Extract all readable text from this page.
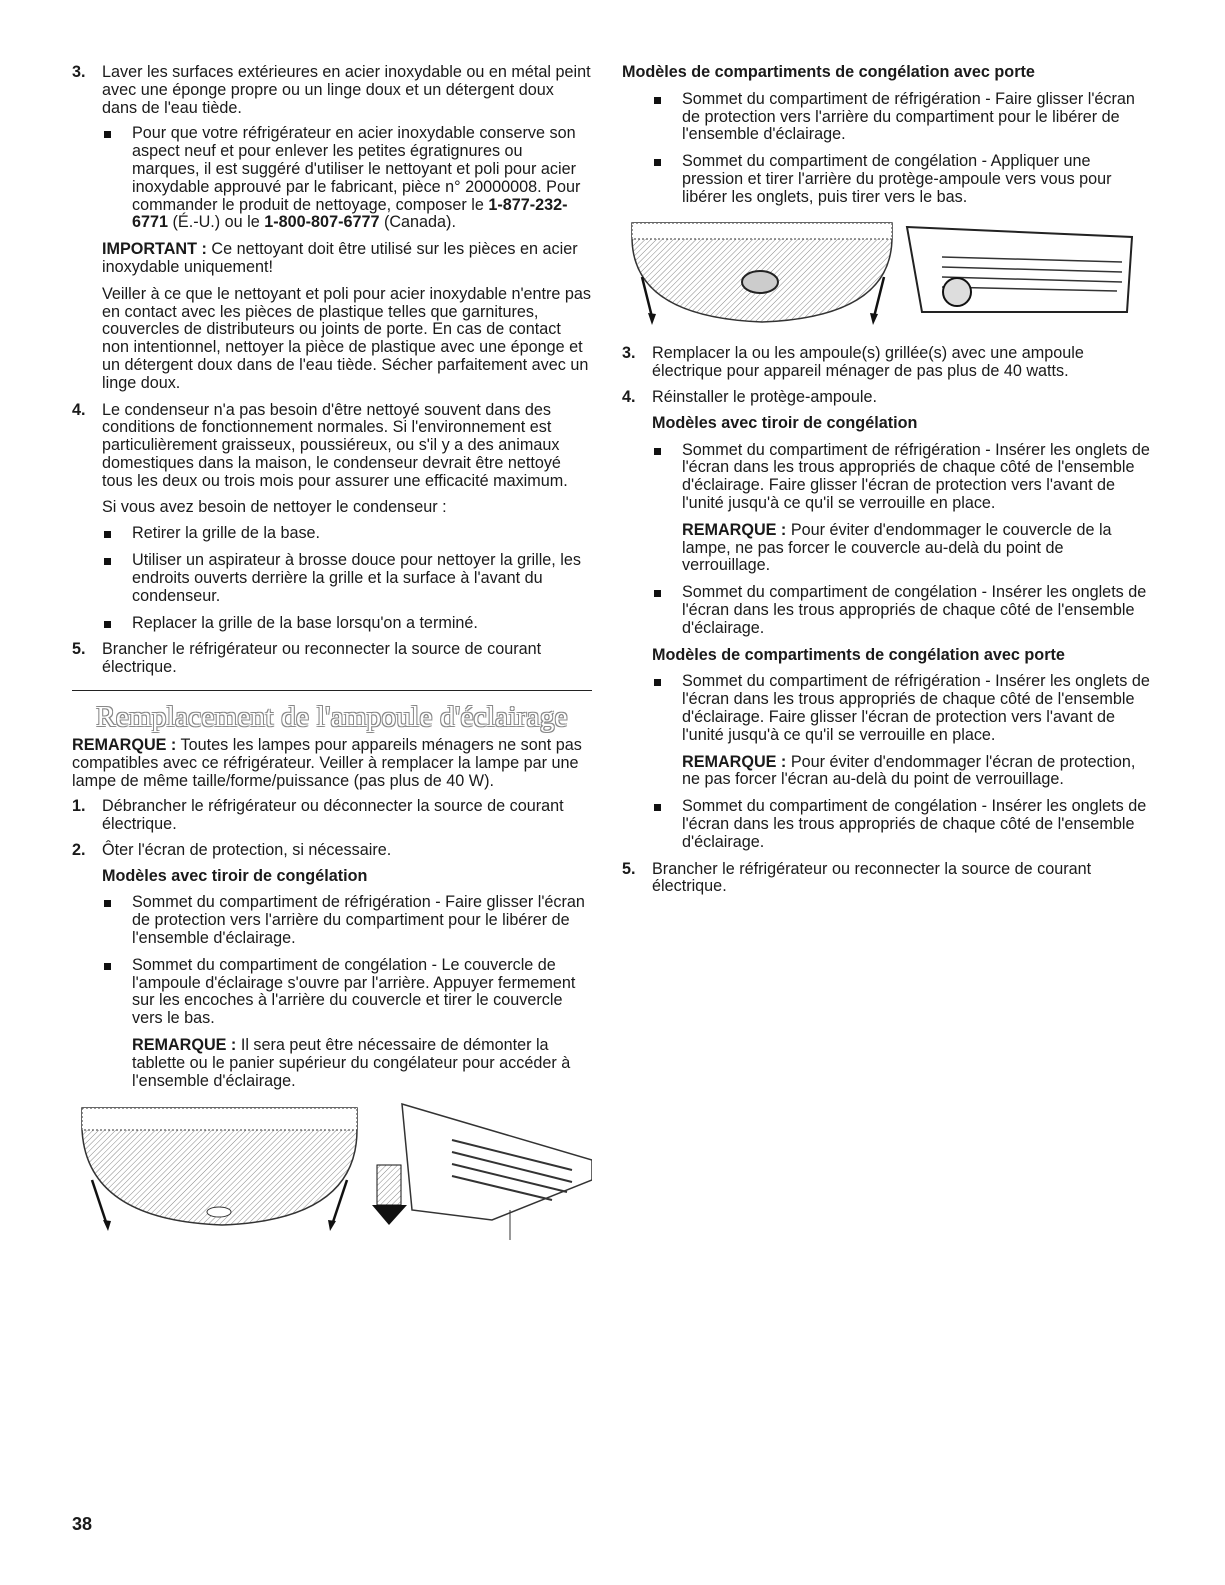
3. Laver les surfaces extérieures en acier inoxydable ou en métal peint avec une éponge propre ou un linge doux et un détergent doux dans de l'eau tiède.

Pour que votre réfrigérateur en acier inoxydable conserve son aspect neuf et pour enlever les petites égratignures ou marques, il est suggéré d'utiliser le nettoyant et poli pour acier inoxydable approuvé par le fabricant, pièce n° 20000008. Pour commander le produit de nettoyage, composer le 1-877-232-6771 (É.-U.) ou le 1-800-807-6777 (Canada).

IMPORTANT : Ce nettoyant doit être utilisé sur les pièces en acier inoxydable uniquement!

Veiller à ce que le nettoyant et poli pour acier inoxydable n'entre pas en contact avec les pièces de plastique telles que garnitures, couvercles de distributeurs ou joints de porte. En cas de contact non intentionnel, nettoyer la pièce de plastique avec une éponge et un détergent doux dans de l'eau tiède. Sécher parfaitement avec un linge doux.

4. Le condenseur n'a pas besoin d'être nettoyé souvent dans des conditions de fonctionnement normales. Si l'environnement est particulièrement graisseux, poussiéreux, ou s'il y a des animaux domestiques dans la maison, le condenseur devrait être nettoyé tous les deux ou trois mois pour assurer une efficacité maximum.

Si vous avez besoin de nettoyer le condenseur :

Retirer la grille de la base.
Utiliser un aspirateur à brosse douce pour nettoyer la grille, les endroits ouverts derrière la grille et la surface à l'avant du condenseur.
Replacer la grille de la base lorsqu'on a terminé.
5. Brancher le réfrigérateur ou reconnecter la source de courant électrique.

Remplacement de l'ampoule d'éclairage

REMARQUE : Toutes les lampes pour appareils ménagers ne sont pas compatibles avec ce réfrigérateur. Veiller à remplacer la lampe par une lampe de même taille/forme/puissance (pas plus de 40 W).

1. Débrancher le réfrigérateur ou déconnecter la source de courant électrique.

2. Ôter l'écran de protection, si nécessaire.

Modèles avec tiroir de congélation

Sommet du compartiment de réfrigération - Faire glisser l'écran de protection vers l'arrière du compartiment pour le libérer de l'ensemble d'éclairage.
Sommet du compartiment de congélation - Le couvercle de l'ampoule d'éclairage s'ouvre par l'arrière. Appuyer fermement sur les encoches à l'arrière du couvercle et tirer le couvercle vers le bas.

REMARQUE : Il sera peut être nécessaire de démonter la tablette ou le panier supérieur du congélateur pour accéder à l'ensemble d'éclairage.

Modèles de compartiments de congélation avec porte

Sommet du compartiment de réfrigération - Faire glisser l'écran de protection vers l'arrière du compartiment pour le libérer de l'ensemble d'éclairage.
Sommet du compartiment de congélation - Appliquer une pression et tirer l'arrière du protège-ampoule vers vous pour libérer les onglets, puis tirer vers le bas.
3. Remplacer la ou les ampoule(s) grillée(s) avec une ampoule électrique pour appareil ménager de pas plus de 40 watts.

4. Réinstaller le protège-ampoule.

Modèles avec tiroir de congélation

Sommet du compartiment de réfrigération - Insérer les onglets de l'écran dans les trous appropriés de chaque côté de l'ensemble d'éclairage. Faire glisser l'écran de protection vers l'avant de l'unité jusqu'à ce qu'il se verrouille en place.

REMARQUE : Pour éviter d'endommager le couvercle de la lampe, ne pas forcer le couvercle au-delà du point de verrouillage.

Sommet du compartiment de congélation - Insérer les onglets de l'écran dans les trous appropriés de chaque côté de l'ensemble d'éclairage.

Modèles de compartiments de congélation avec porte

Sommet du compartiment de réfrigération - Insérer les onglets de l'écran dans les trous appropriés de chaque côté de l'ensemble d'éclairage. Faire glisser l'écran de protection vers l'avant de l'unité jusqu'à ce qu'il se verrouille en place.

REMARQUE : Pour éviter d'endommager l'écran de protection, ne pas forcer l'écran au-delà du point de verrouillage.

Sommet du compartiment de congélation - Insérer les onglets de l'écran dans les trous appropriés de chaque côté de l'ensemble d'éclairage.
5. Brancher le réfrigérateur ou reconnecter la source de courant électrique.

38
